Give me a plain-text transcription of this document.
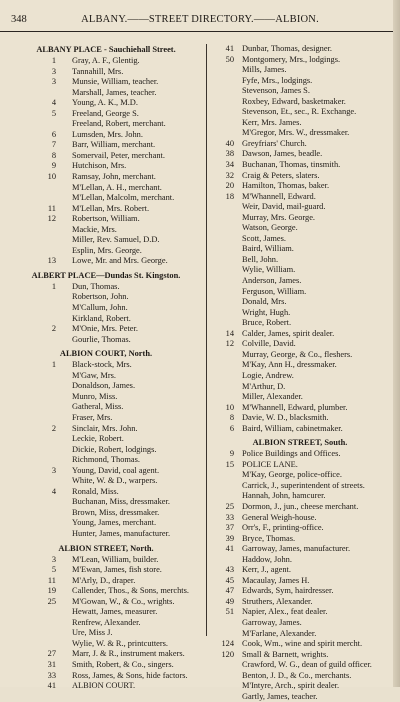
348	ALBANY.——STREET DIRECTORY.——ALBION.
ALBANY PLACE - Sauchiehall Street.
1 Gray, A. F., Glentig.
3 Tannahill, Mrs.
3 Munsie, William, teacher.
Marshall, James, teacher.
4 Young, A. K., M.D.
5 Freeland, George S.
Freeland, Robert, merchant.
6 Lumsden, Mrs. John.
7 Barr, William, merchant.
8 Somervail, Peter, merchant.
9 Hutchison, Mrs.
10 Ramsay, John, merchant.
M'Lellan, A. H., merchant.
M'Lellan, Malcolm, merchant.
11 M'Lellan, Mrs. Robert.
12 Robertson, William.
Mackie, Mrs.
Miller, Rev. Samuel, D.D.
Esplin, Mrs. George.
13 Lowe, Mr. and Mrs. George.
ALBERT PLACE—Dundas St. Kingston.
1 Dun, Thomas.
Robertson, John.
M'Callum, John.
Kirkland, Robert.
2 M'Onie, Mrs. Peter.
Gourlie, Thomas.
ALBION COURT, North.
1 Black-stock, Mrs.
M'Gaw, Mrs.
Donaldson, James.
Munro, Miss.
Gatheral, Miss.
Fraser, Mrs.
2 Sinclair, Mrs. John.
Leckie, Robert.
Dickie, Robert, lodgings.
Richmond, Thomas.
3 Young, David, coal agent.
White, W. & D., warpers.
4 Ronald, Miss.
Buchanan, Miss, dressmaker.
Brown, Miss, dressmaker.
Young, James, merchant.
Hunter, James, manufacturer.
ALBION STREET, North.
3 M'Lean, William, builder.
5 M'Ewan, James, fish store.
11 M'Arly, D., draper.
19 Callender, Thos., & Sons, merchts.
25 M'Gowan, W., & Co., wrights.
Hewatt, James, measurer.
Renfrew, Alexander.
Ure, Miss J.
Wylie, W. & R., printcutters.
27 Marr, J. & R., instrument makers.
31 Smith, Robert, & Co., singers.
33 Ross, James, & Sons, hide factors.
41 ALBION COURT.
41 Dunbar, Thomas, designer.
50 Montgomery, Mrs., lodgings.
Mills, James.
Fyfe, Mrs., lodgings.
Stevenson, James S.
Roxbey, Edward, basketmaker.
Stevenson, Et., sec., R. Exchange.
Kerr, Mrs. James.
M'Gregor, Mrs. W., dressmaker.
40 Greyfriars' Church.
38 Dawson, James, beadle.
34 Buchanan, Thomas, tinsmith.
32 Craig & Peters, slaters.
20 Hamilton, Thomas, baker.
18 M'Whannell, Edward.
Weir, David, mail-guard.
Murray, Mrs. George.
Watson, George.
Scott, James.
Baird, William.
Bell, John.
Wylie, William.
Anderson, James.
Ferguson, William.
Donald, Mrs.
Wright, Hugh.
Bruce, Robert.
14 Calder, James, spirit dealer.
12 Colville, David.
Murray, George, & Co., fleshers.
M'Kay, Ann H., dressmaker.
Logie, Andrew.
M'Arthur, D.
Miller, Alexander.
10 M'Whannell, Edward, plumber.
8 Davie, W. D., blacksmith.
6 Baird, William, cabinetmaker.
ALBION STREET, South.
9 Police Buildings and Offices.
15 POLICE LANE.
M'Kay, George, police-office.
Carrick, J., superintendent of streets.
Hannah, John, hamcurer.
25 Dormon, J., jun., cheese merchant.
33 General Weigh-house.
37 Orr's, F., printing-office.
39 Bryce, Thomas.
41 Garroway, James, manufacturer.
Haddow, John.
43 Kerr, J., agent.
45 Macaulay, James H.
47 Edwards, Sym, hairdresser.
49 Struthers, Alexander.
51 Napier, Alex., feat dealer.
Garroway, James.
M'Farlane, Alexander.
124 Cook, Wm., wine and spirit mercht.
120 Small & Barnett, wrights.
Crawford, W. G., dean of guild officer.
Benton, J. D., & Co., merchants.
M'Intyre, Arch., spirit dealer.
Gartly, James, teacher.
